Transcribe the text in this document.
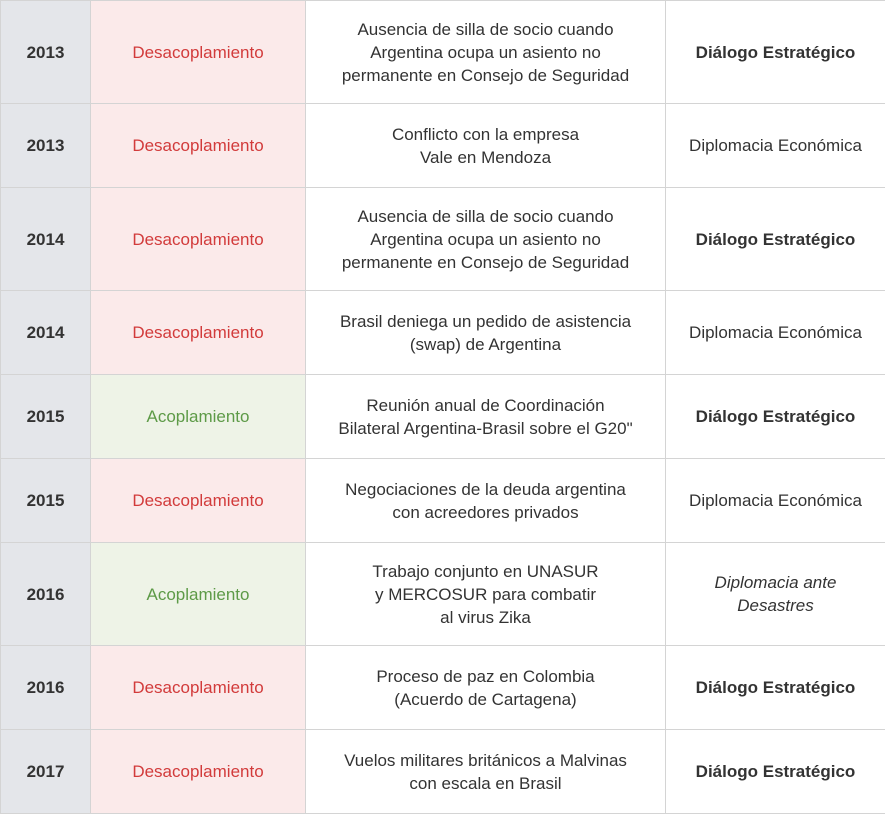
2013	Desacoplamiento	Ausencia de silla de socio cuando
Argentina ocupa un asiento no
permanente en Consejo de Seguridad	Diálogo Estratégico
2013	Desacoplamiento	Conflicto con la empresa
Vale en Mendoza	Diplomacia Económica
2014	Desacoplamiento	Ausencia de silla de socio cuando
Argentina ocupa un asiento no
permanente en Consejo de Seguridad	Diálogo Estratégico
2014	Desacoplamiento	Brasil deniega un pedido de asistencia
(swap) de Argentina	Diplomacia Económica
2015	Acoplamiento	Reunión anual de Coordinación
Bilateral Argentina-Brasil sobre el G20"	Diálogo Estratégico
2015	Desacoplamiento	Negociaciones de la deuda argentina
con acreedores privados	Diplomacia Económica
2016	Acoplamiento	Trabajo conjunto en UNASUR
y MERCOSUR para combatir
al virus Zika	Diplomacia ante
Desastres
2016	Desacoplamiento	Proceso de paz en Colombia
(Acuerdo de Cartagena)	Diálogo Estratégico
2017	Desacoplamiento	Vuelos militares británicos a Malvinas
con escala en Brasil	Diálogo Estratégico
